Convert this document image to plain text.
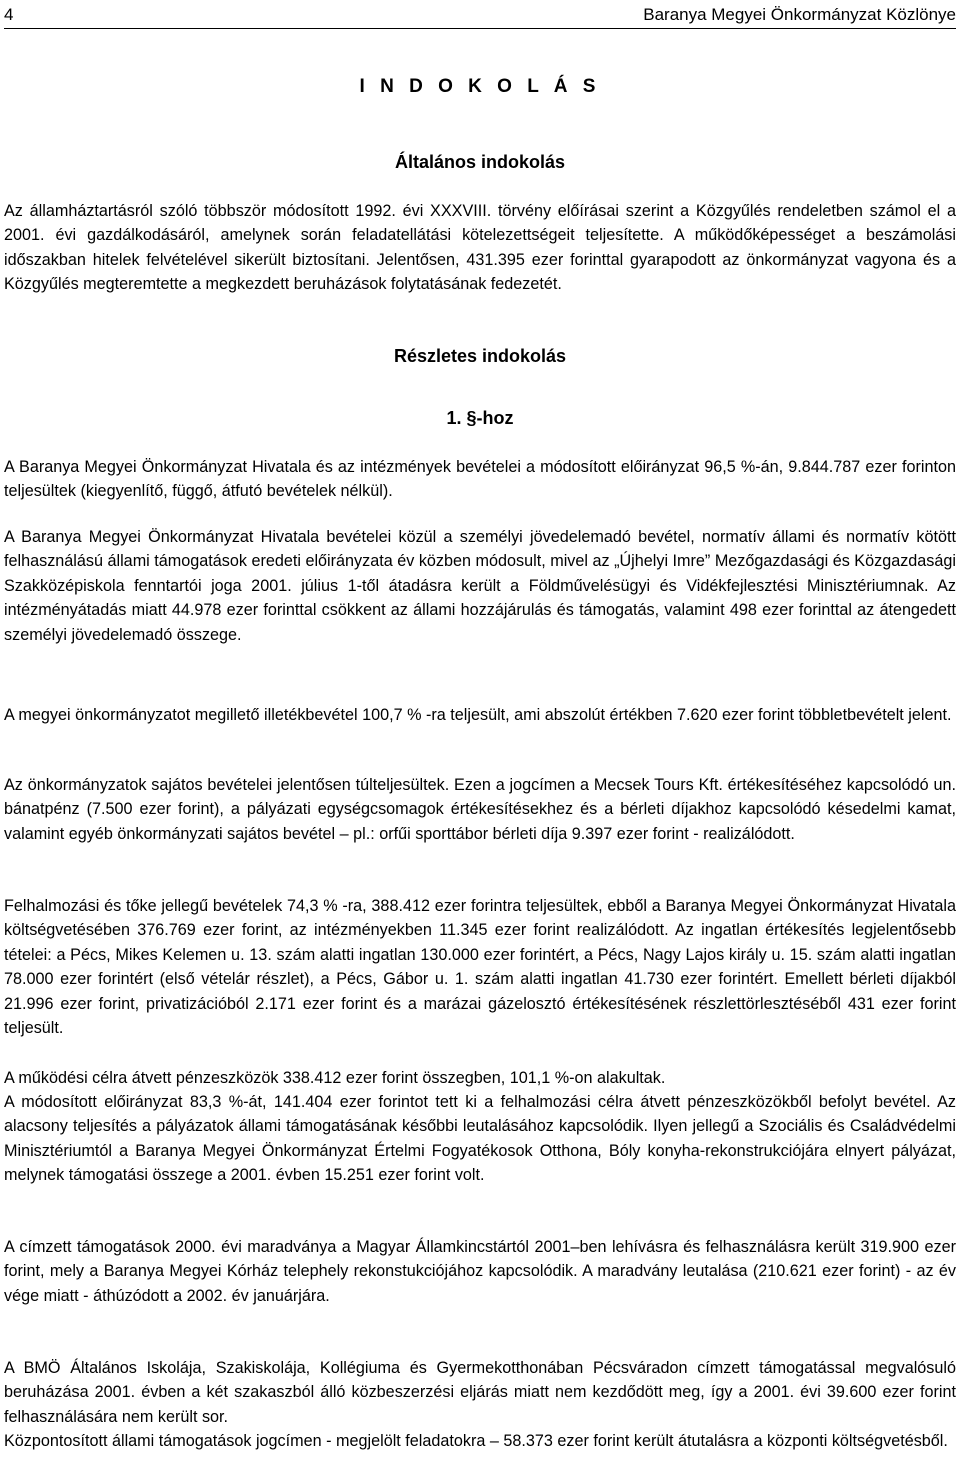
4	Baranya Megyei Önkormányzat Közlönye
I N D O K O L Á S
Általános indokolás

Az államháztartásról szóló többször módosított 1992. évi XXXVIII. törvény előírásai szerint a Közgyűlés rendeletben számol el a 2001. évi gazdálkodásáról, amelynek során feladatellátási kötelezettségeit teljesítette. A működőképességet a beszámolási időszakban hitelek felvételével sikerült biztosítani. Jelentősen, 431.395 ezer forinttal gyarapodott az önkormányzat vagyona és a Közgyűlés megteremtette a megkezdett beruházások folytatásának fedezetét.

Részletes indokolás
1. §-hoz

A Baranya Megyei Önkormányzat Hivatala és az intézmények bevételei a módosított előirányzat 96,5 %-án, 9.844.787 ezer forinton teljesültek (kiegyenlítő, függő, átfutó bevételek nélkül).

A Baranya Megyei Önkormányzat Hivatala bevételei közül a személyi jövedelemadó bevétel, normatív állami és normatív kötött felhasználású állami támogatások eredeti előirányzata év közben módosult, mivel az „Újhelyi Imre” Mezőgazdasági és Közgazdasági Szakközépiskola fenntartói joga 2001. július 1-től átadásra került a Földművelésügyi és Vidékfejlesztési Minisztériumnak. Az intézményátadás miatt 44.978 ezer forinttal csökkent az állami hozzájárulás és támogatás, valamint 498 ezer forinttal az átengedett személyi jövedelemadó összege.

A megyei önkormányzatot megillető illetékbevétel 100,7 % -ra teljesült, ami abszolút értékben 7.620 ezer forint többletbevételt jelent.

Az önkormányzatok sajátos bevételei jelentősen túlteljesültek. Ezen a jogcímen a Mecsek Tours Kft. értékesítéséhez kapcsolódó un. bánatpénz (7.500 ezer forint), a pályázati egységcsomagok értékesítésekhez és a bérleti díjakhoz kapcsolódó késedelmi kamat, valamint egyéb önkormányzati sajátos bevétel – pl.: orfűi sporttábor bérleti díja 9.397 ezer forint - realizálódott.

Felhalmozási és tőke jellegű bevételek 74,3 % -ra, 388.412 ezer forintra teljesültek, ebből a Baranya Megyei Önkormányzat Hivatala költségvetésében 376.769 ezer forint, az intézményekben 11.345 ezer forint realizálódott. Az ingatlan értékesítés legjelentősebb tételei: a Pécs, Mikes Kelemen u. 13. szám alatti ingatlan 130.000 ezer forintért, a Pécs, Nagy Lajos király u. 15. szám alatti ingatlan 78.000 ezer forintért (első vételár részlet), a Pécs, Gábor u. 1. szám alatti ingatlan 41.730 ezer forintért. Emellett bérleti díjakból 21.996 ezer forint, privatizációból 2.171 ezer forint és a marázai gázelosztó értékesítésének részlettörlesztéséből 431 ezer forint teljesült.

A működési célra átvett pénzeszközök 338.412 ezer forint összegben, 101,1 %-on alakultak.

A módosított előirányzat 83,3 %-át, 141.404 ezer forintot tett ki a felhalmozási célra átvett pénzeszközökből befolyt bevétel. Az alacsony teljesítés a pályázatok állami támogatásának későbbi leutalásához kapcsolódik. Ilyen jellegű a Szociális és Családvédelmi Minisztériumtól a Baranya Megyei Önkormányzat Értelmi Fogyatékosok Otthona, Bóly konyha-rekonstrukciójára elnyert pályázat, melynek támogatási összege a 2001. évben 15.251 ezer forint volt.

A címzett támogatások 2000. évi maradványa a Magyar Államkincstártól 2001–ben lehívásra és felhasználásra került 319.900 ezer forint, mely a Baranya Megyei Kórház telephely rekonstukciójához kapcsolódik. A maradvány leutalása (210.621 ezer forint) - az év vége miatt - áthúzódott a 2002. év januárjára.

A BMÖ Általános Iskolája, Szakiskolája, Kollégiuma és Gyermekotthonában Pécsváradon címzett támogatással megvalósuló beruházása 2001. évben a két szakaszból álló közbeszerzési eljárás miatt nem kezdődött meg, így a 2001. évi 39.600 ezer forint felhasználására nem került sor.

Központosított állami támogatások jogcímen - megjelölt feladatokra – 58.373 ezer forint került átutalásra a központi költségvetésből.
